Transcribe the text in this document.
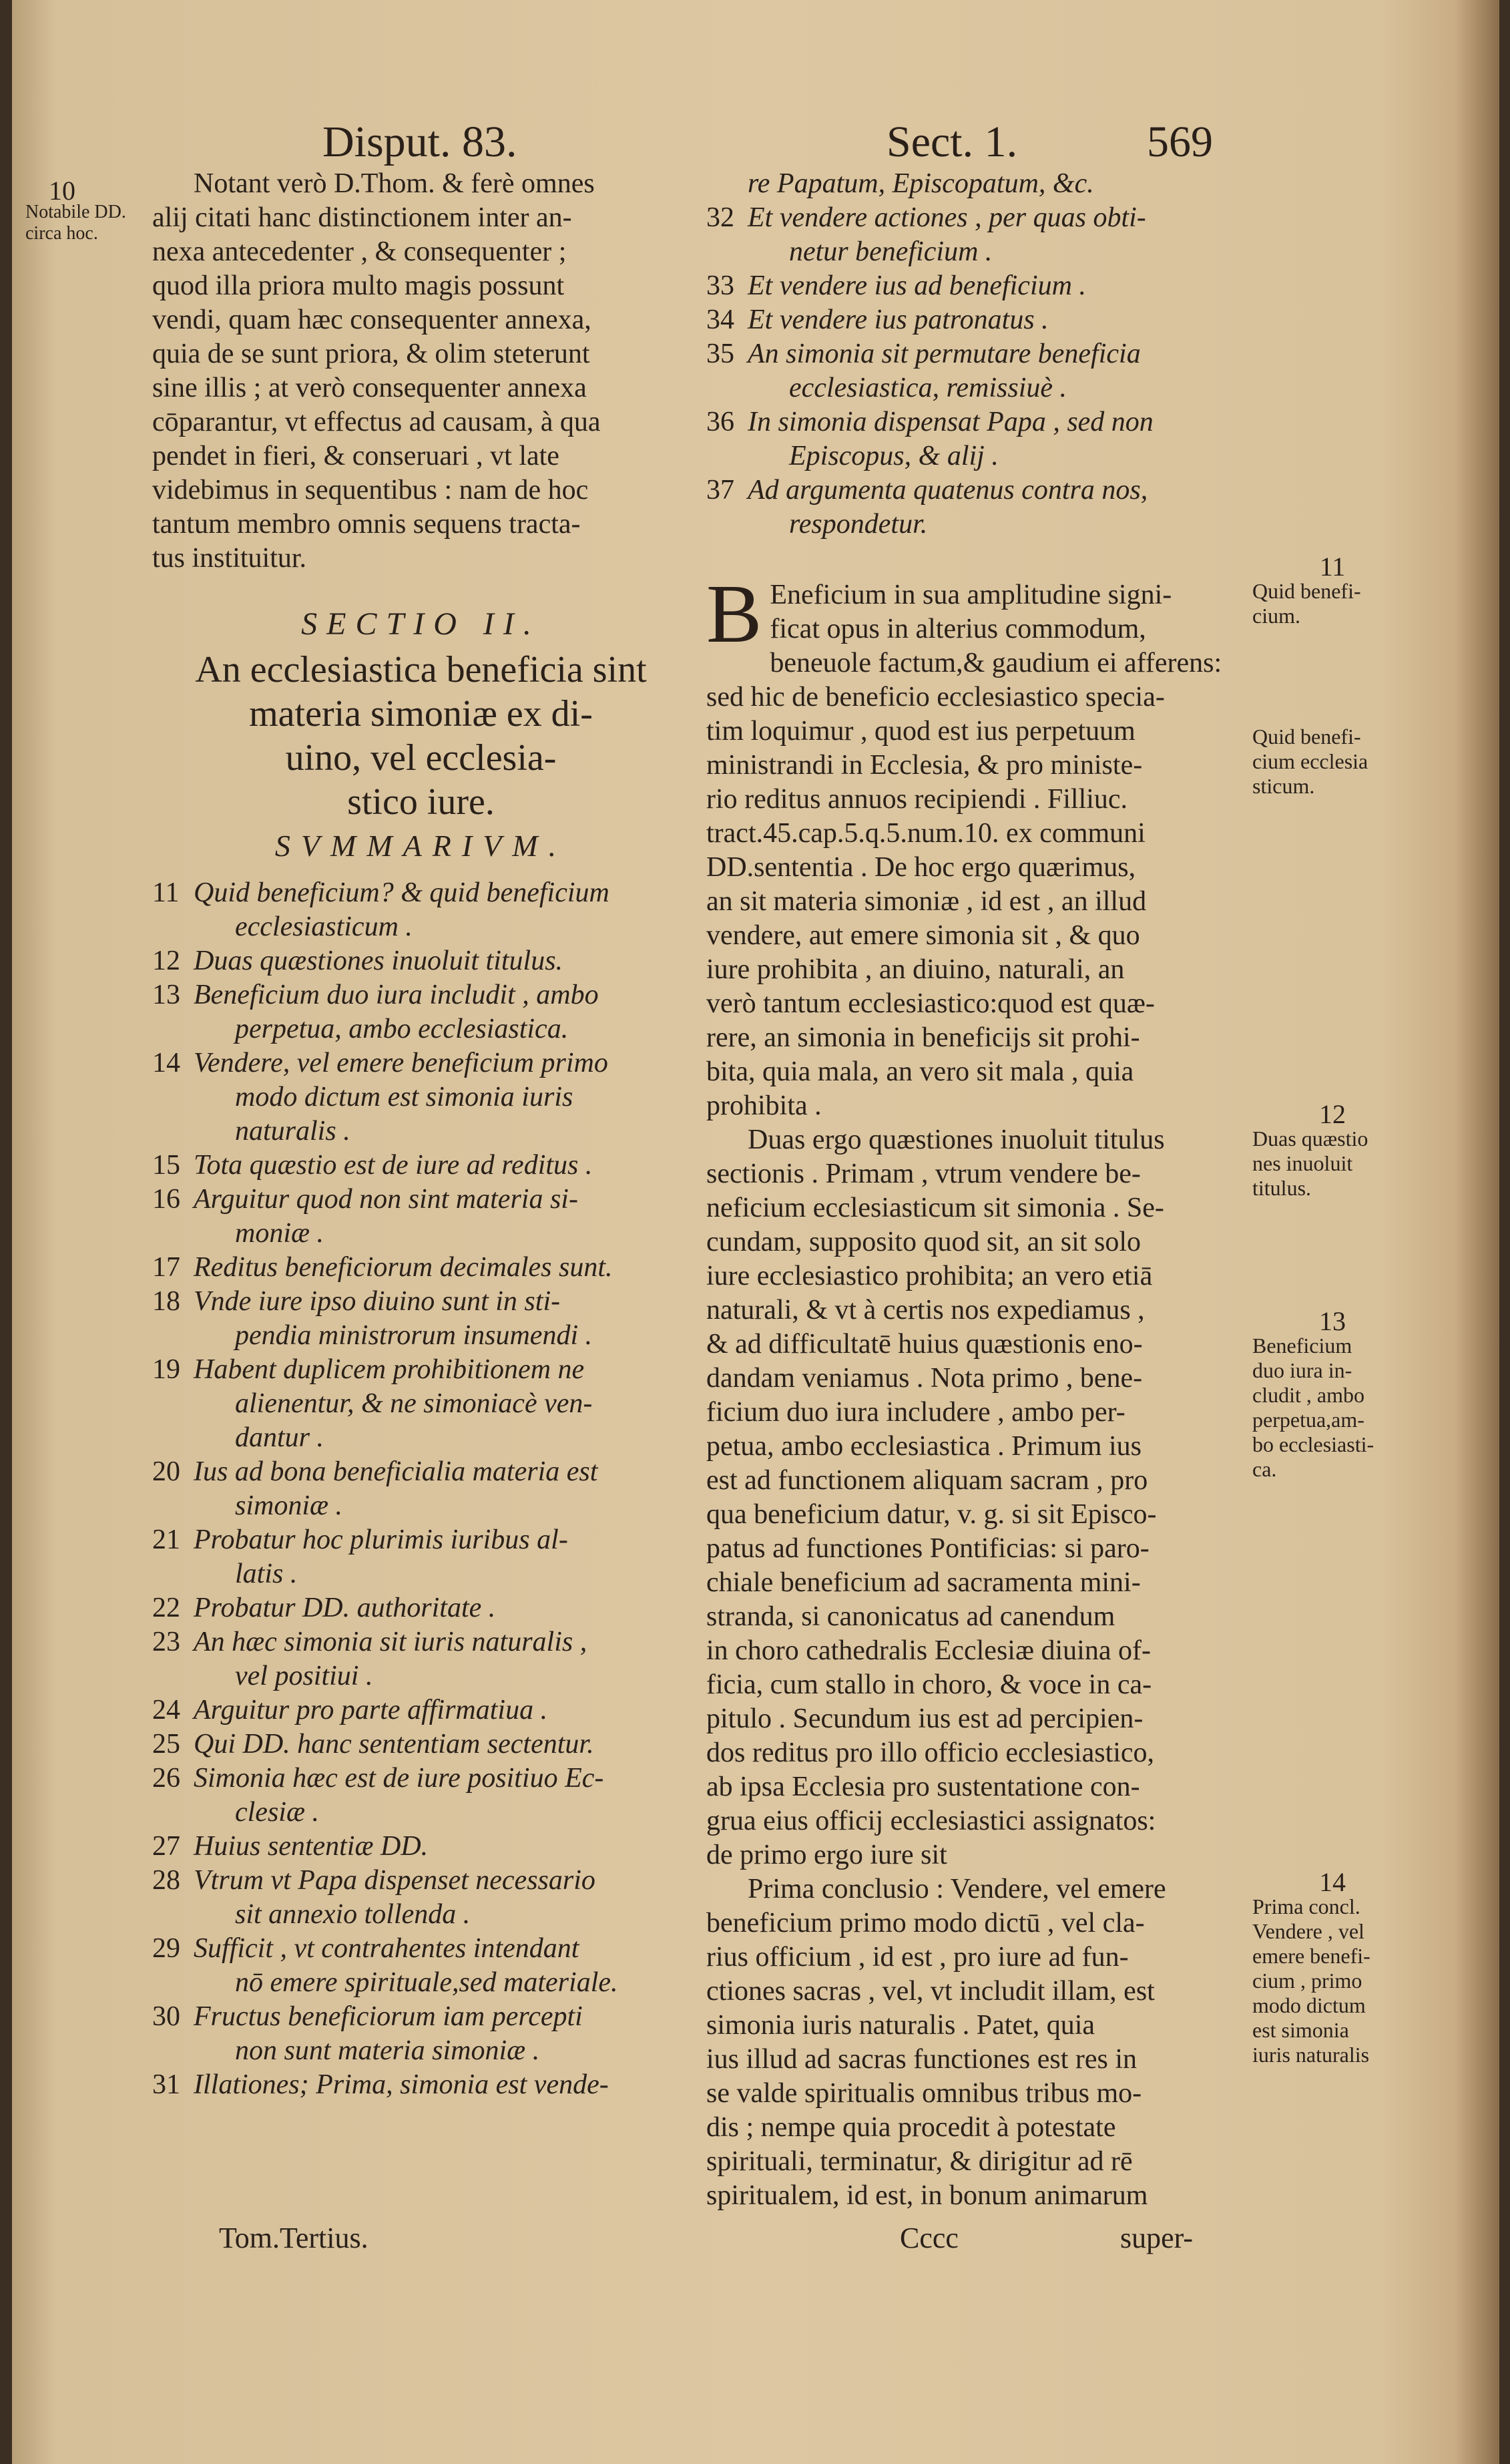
Disput. 83.	Sect. 1.	569
10
Notabile DD.
circa hoc.
Notant verò D.Thom. & ferè omnes
alij citati hanc distinctionem inter an-
nexa antecedenter , & consequenter ;
quod illa priora multo magis possunt
vendi, quam hæc consequenter annexa,
quia de se sunt priora, & olim steterunt
sine illis ; at verò consequenter annexa
cōparantur, vt effectus ad causam, à qua
pendet in fieri, & conseruari , vt late
videbimus in sequentibus : nam de hoc
tantum membro omnis sequens tracta-
tus instituitur.
SECTIO II.
An ecclesiastica beneficia sint
materia simoniæ ex di-
uino, vel ecclesia-
stico iure.
SVMMARIVM.
11 Quid beneficium? & quid beneficium
ecclesiasticum .
12 Duas quæstiones inuoluit titulus.
13 Beneficium duo iura includit , ambo
perpetua, ambo ecclesiastica.
14 Vendere, vel emere beneficium primo
modo dictum est simonia iuris
naturalis .
15 Tota quæstio est de iure ad reditus .
16 Arguitur quod non sint materia si-
moniæ .
17 Reditus beneficiorum decimales sunt.
18 Vnde iure ipso diuino sunt in sti-
pendia ministrorum insumendi .
19 Habent duplicem prohibitionem ne
alienentur, & ne simoniacè ven-
dantur .
20 Ius ad bona beneficialia materia est
simoniæ .
21 Probatur hoc plurimis iuribus al-
latis .
22 Probatur DD. authoritate .
23 An hæc simonia sit iuris naturalis ,
vel positiui .
24 Arguitur pro parte affirmatiua .
25 Qui DD. hanc sententiam sectentur.
26 Simonia hæc est de iure positiuo Ec-
clesiæ .
27 Huius sententiæ DD.
28 Vtrum vt Papa dispenset necessario
sit annexio tollenda .
29 Sufficit , vt contrahentes intendant
nō emere spirituale,sed materiale.
30 Fructus beneficiorum iam percepti
non sunt materia simoniæ .
31 Illationes; Prima, simonia est vende-
re Papatum, Episcopatum, &c.
32 Et vendere actiones , per quas obti-
netur beneficium .
33 Et vendere ius ad beneficium .
34 Et vendere ius patronatus .
35 An simonia sit permutare beneficia
ecclesiastica, remissiuè .
36 In simonia dispensat Papa , sed non
Episcopus, & alij .
37 Ad argumenta quatenus contra nos,
respondetur.
B Eneficium in sua amplitudine signi-
ficat opus in alterius commodum,
beneuole factum,& gaudium ei afferens:
sed hic de beneficio ecclesiastico specia-
tim loquimur , quod est ius perpetuum
ministrandi in Ecclesia, & pro ministe-
rio reditus annuos recipiendi . Filliuc.
tract.45.cap.5.q.5.num.10. ex communi
DD.sententia . De hoc ergo quærimus,
an sit materia simoniæ , id est , an illud
vendere, aut emere simonia sit , & quo
iure prohibita , an diuino, naturali, an
verò tantum ecclesiastico:quod est quæ-
rere, an simonia in beneficijs sit prohi-
bita, quia mala, an vero sit mala , quia
prohibita .
Duas ergo quæstiones inuoluit titulus
sectionis . Primam , vtrum vendere be-
neficium ecclesiasticum sit simonia . Se-
cundam, supposito quod sit, an sit solo
iure ecclesiastico prohibita; an vero etiā
naturali, & vt à certis nos expediamus ,
& ad difficultatē huius quæstionis eno-
dandam veniamus . Nota primo , bene-
ficium duo iura includere , ambo per-
petua, ambo ecclesiastica . Primum ius
est ad functionem aliquam sacram , pro
qua beneficium datur, v. g. si sit Episco-
patus ad functiones Pontificias: si paro-
chiale beneficium ad sacramenta mini-
stranda, si canonicatus ad canendum
in choro cathedralis Ecclesiæ diuina of-
ficia, cum stallo in choro, & voce in ca-
pitulo . Secundum ius est ad percipien-
dos reditus pro illo officio ecclesiastico,
ab ipsa Ecclesia pro sustentatione con-
grua eius officij ecclesiastici assignatos:
de primo ergo iure sit
Prima conclusio : Vendere, vel emere
beneficium primo modo dictū , vel cla-
rius officium , id est , pro iure ad fun-
ctiones sacras , vel, vt includit illam, est
simonia iuris naturalis . Patet, quia
ius illud ad sacras functiones est res in
se valde spiritualis omnibus tribus mo-
dis ; nempe quia procedit à potestate
spirituali, terminatur, & dirigitur ad rē
spiritualem, id est, in bonum animarum
11
Quid benefi-
cium.
Quid benefi-
cium ecclesia
sticum.
12
Duas quæstio
nes inuoluit
titulus.
13
Beneficium
duo iura in-
cludit , ambo
perpetua,am-
bo ecclesiasti-
ca.
14
Prima concl.
Vendere , vel
emere benefi-
cium , primo
modo dictum
est simonia
iuris naturalis
Tom.Tertius.	Cccc	super-
